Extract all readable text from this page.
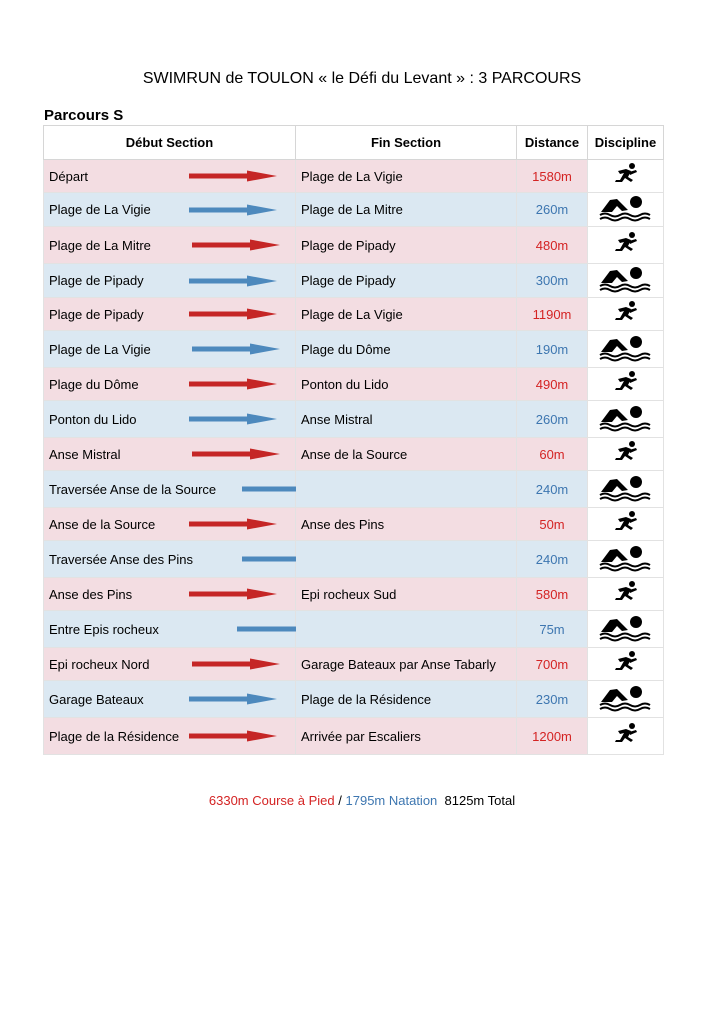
SWIMRUN de TOULON « le Défi du Levant » : 3 PARCOURS
Parcours S
Début Section	Fin Section	Distance	Discipline
Départ	Plage de La Vigie	1580m	
Plage de La Vigie	Plage de La Mitre	260m	
Plage de La Mitre	Plage de Pipady	480m	
Plage de Pipady	Plage de Pipady	300m	
Plage de Pipady	Plage de La Vigie	1190m	
Plage de La Vigie	Plage du Dôme	190m	
Plage du Dôme	Ponton du Lido	490m	
Ponton du Lido	Anse Mistral	260m	
Anse Mistral	Anse de la Source	60m	
Traversée Anse de la Source		240m	
Anse de la Source	Anse des Pins	50m	
Traversée Anse des Pins		240m	
Anse des Pins	Epi rocheux Sud	580m	
Entre Epis rocheux		75m	
Epi rocheux Nord	Garage Bateaux par Anse Tabarly	700m	
Garage Bateaux	Plage de la Résidence	230m	
Plage de la Résidence	Arrivée par Escaliers	1200m	
6330m Course à Pied / 1795m Natation 8125m Total
